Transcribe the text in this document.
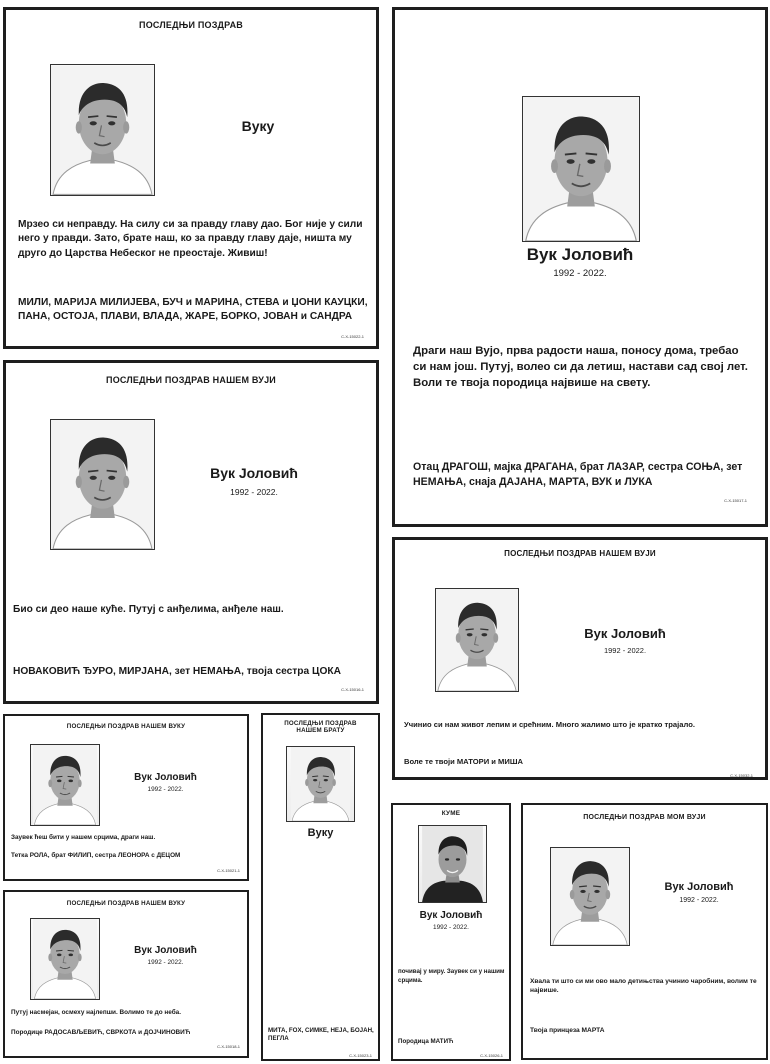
ПОСЛЕДЊИ ПОЗДРАВ
Вуку
Мрзео си неправду. На силу си за правду главу дао. Бог није у сили него у правди. Зато, брате наш, ко за правду главу даје, ништа му друго до Царства Небеског не преостаје. Живиш!
МИЛИ, МАРИЈА МИЛИЈЕВА, БУЧ и МАРИНА, СТЕВА и ЏОНИ КАУЦКИ, ПАНА, ОСТОЈА, ПЛАВИ, ВЛАДА, ЖАРЕ, БОРКО, ЈОВАН и САНДРА
С-Х-15022-1
Вук Јоловић
1992 - 2022.
Драги наш Вујо, прва радости наша, поносу дома, требао си нам још. Путуј, волео си да летиш, настави сад свој лет. Воли те твоја породица највише на свету.
Отац ДРАГОШ, мајка ДРАГАНА, брат ЛАЗАР, сестра СОЊА, зет НЕМАЊА, снаја ДАЈАНА, МАРТА, ВУК и ЛУКА
С-Х-15017-1
ПОСЛЕДЊИ ПОЗДРАВ НАШЕМ ВУЈИ
Вук Јоловић
1992 - 2022.
Био си део наше куће. Путуј с анђелима, анђеле наш.
НОВАКОВИЋ ЂУРО, МИРЈАНА, зет НЕМАЊА, твоја сестра ЦОКА
С-Х-15016-1
ПОСЛЕДЊИ ПОЗДРАВ НАШЕМ ВУЈИ
Вук Јоловић
1992 - 2022.
Учинио си нам живот лепим и срећним. Много жалимо што је кратко трајало.
Воле те твоји МАТОРИ и МИША
С-Х-15032-1
ПОСЛЕДЊИ ПОЗДРАВ НАШЕМ ВУКУ
Вук Јоловић
1992 - 2022.
Заувек ћеш бити у нашем срцима, драги наш.
Тетка РОЛА, брат ФИЛИП, сестра ЛЕОНОРА с ДЕЦОМ
С-Х-15021-1
ПОСЛЕДЊИ ПОЗДРАВ
НАШЕМ БРАТУ
Вуку
МИТА, FOX, СИМКЕ, НЕЈА, БОЈАН, ПЕГЛА
С-Х-15023-1
ПОСЛЕДЊИ ПОЗДРАВ НАШЕМ ВУКУ
Вук Јоловић
1992 - 2022.
Путуј насмејан, осмеху најлепши. Волимо те до неба.
Породице РАДОСАВЉЕВИЋ, СВРКОТА и ДОЈЧИНОВИЋ
С-Х-15018-1
КУМЕ
Вук Јоловић
1992 - 2022.
почивај у миру. Заувек си у нашим срцима.
Породица МАТИЋ
С-Х-15026-1
ПОСЛЕДЊИ ПОЗДРАВ МОМ ВУЈИ
Вук Јоловић
1992 - 2022.
Хвала ти што си ми ово мало детињства учинио чаробним, волим те највише.
Твоја принцеза МАРТА
